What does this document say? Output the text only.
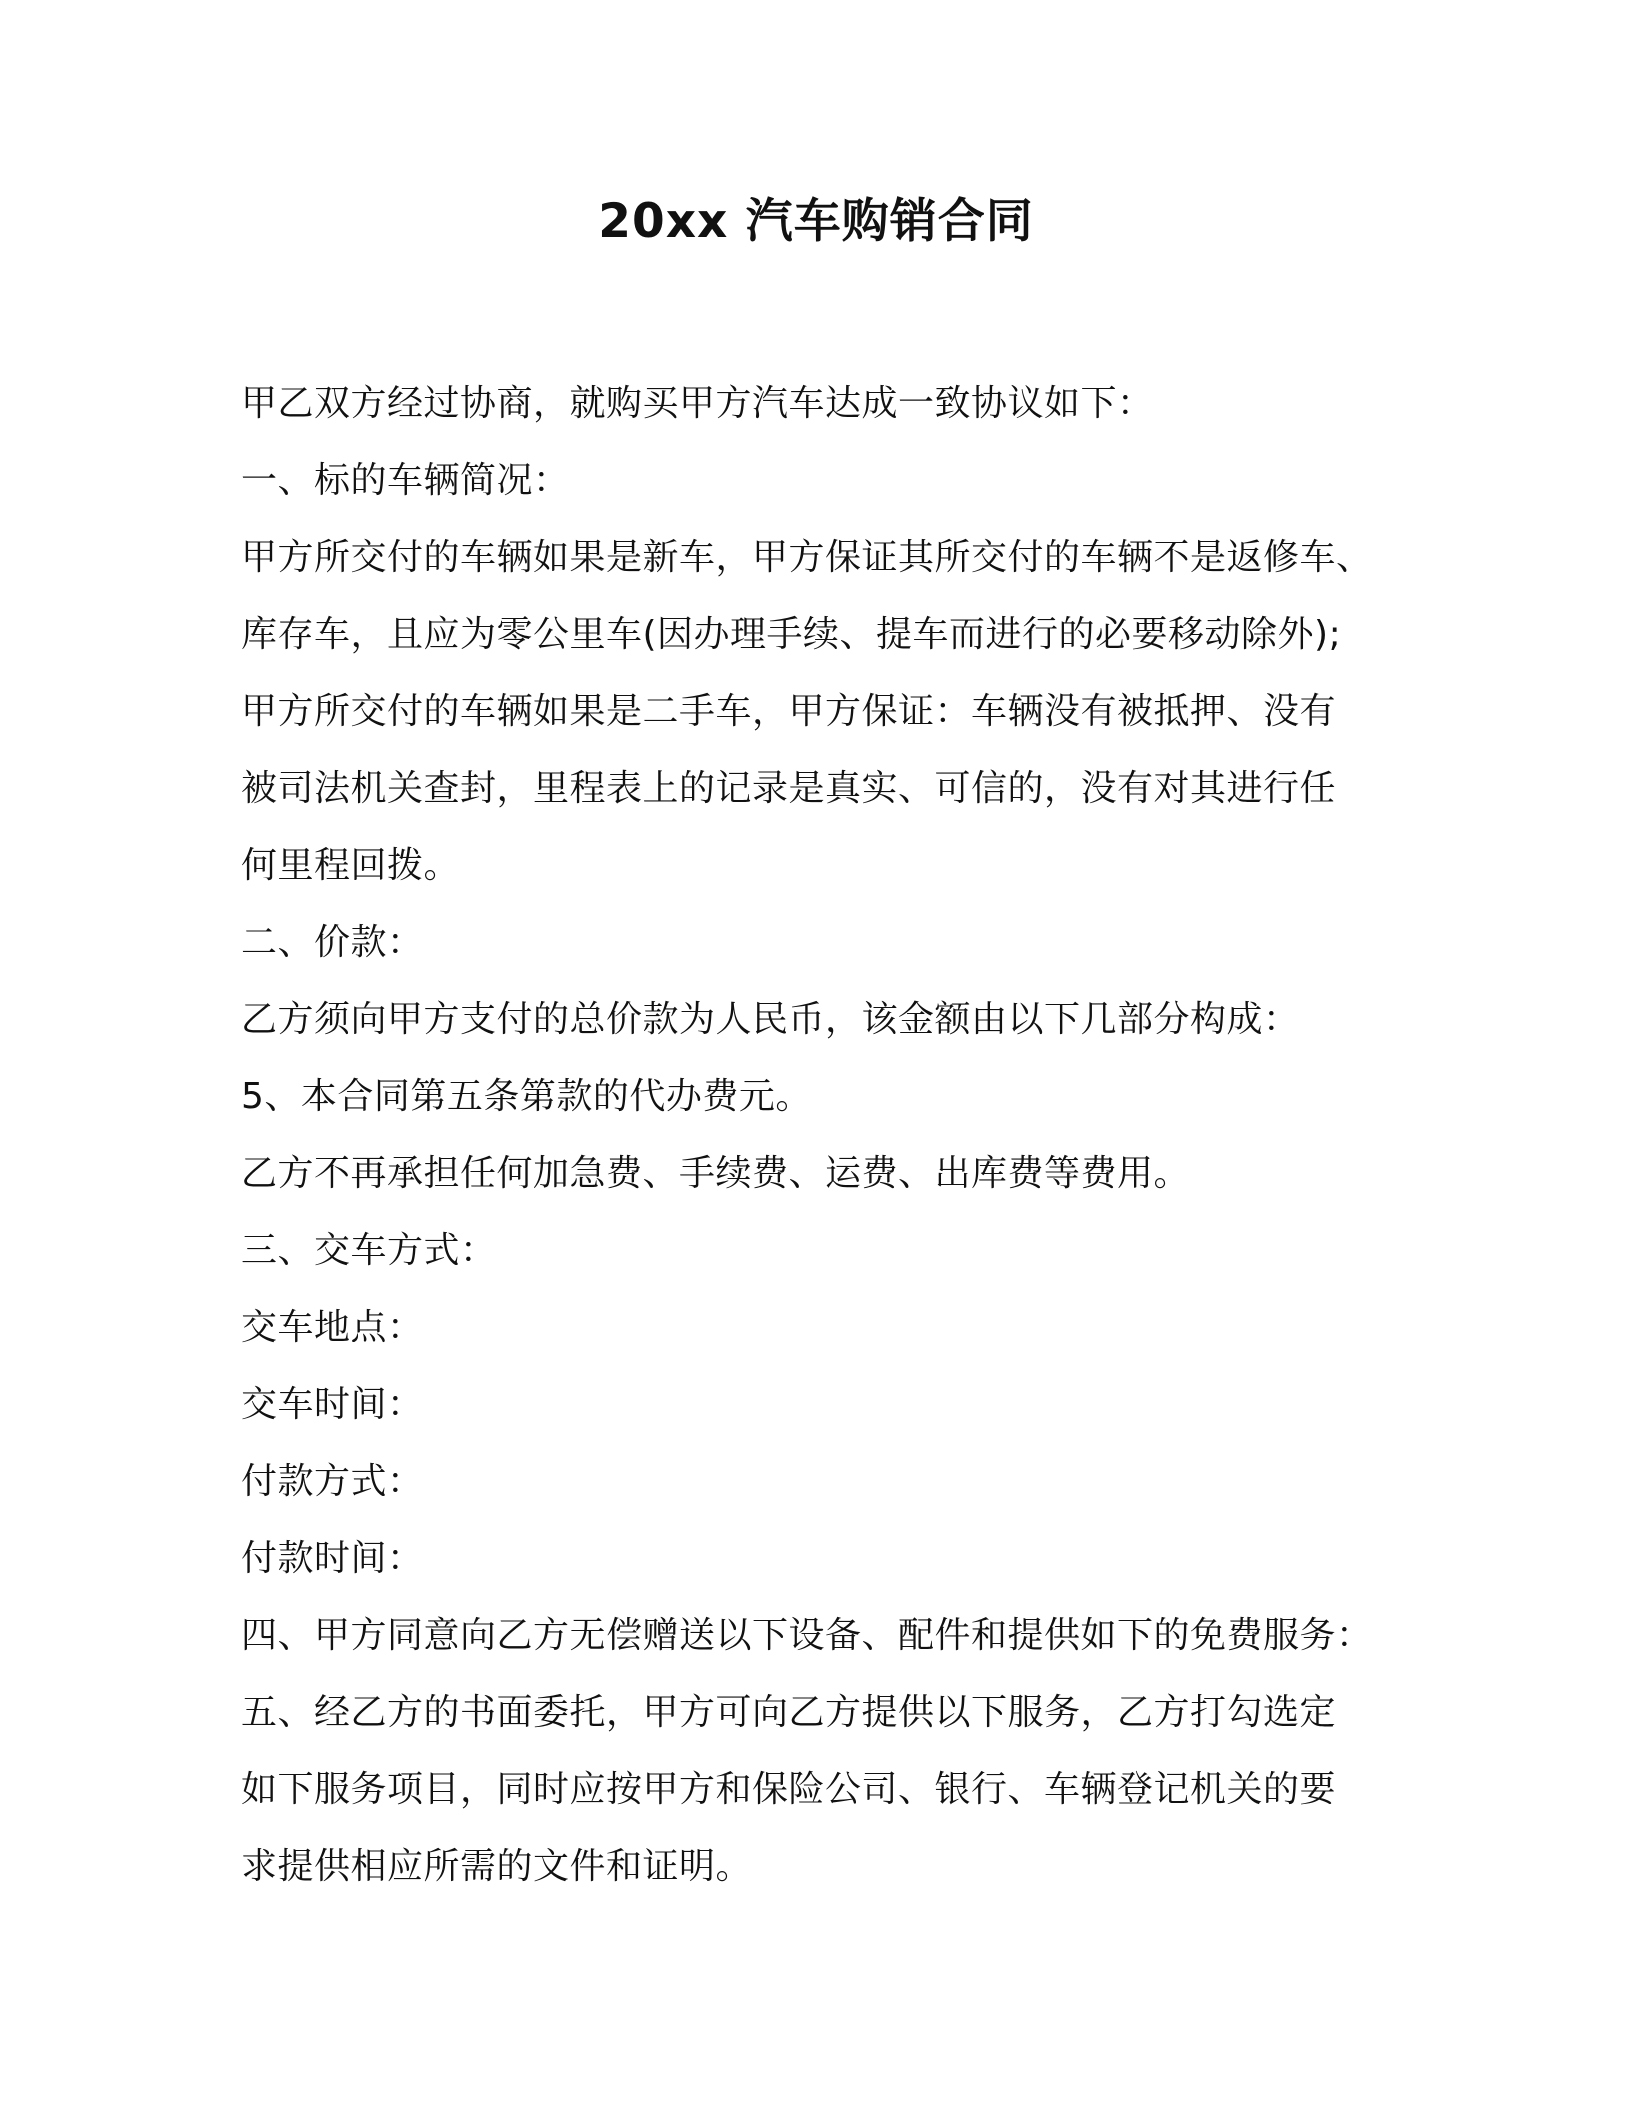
20xx 汽车购销合同
甲乙双方经过协商，就购买甲方汽车达成一致协议如下：
一、标的车辆简况：
甲方所交付的车辆如果是新车，甲方保证其所交付的车辆不是返修车、
库存车，且应为零公里车(因办理手续、提车而进行的必要移动除外);
甲方所交付的车辆如果是二手车，甲方保证：车辆没有被抵押、没有
被司法机关查封，里程表上的记录是真实、可信的，没有对其进行任
何里程回拨。
二、价款：
乙方须向甲方支付的总价款为人民币，该金额由以下几部分构成：
5、本合同第五条第款的代办费元。
乙方不再承担任何加急费、手续费、运费、出库费等费用。
三、交车方式：
交车地点：
交车时间：
付款方式：
付款时间：
四、甲方同意向乙方无偿赠送以下设备、配件和提供如下的免费服务：
五、经乙方的书面委托，甲方可向乙方提供以下服务，乙方打勾选定
如下服务项目，同时应按甲方和保险公司、银行、车辆登记机关的要
求提供相应所需的文件和证明。
